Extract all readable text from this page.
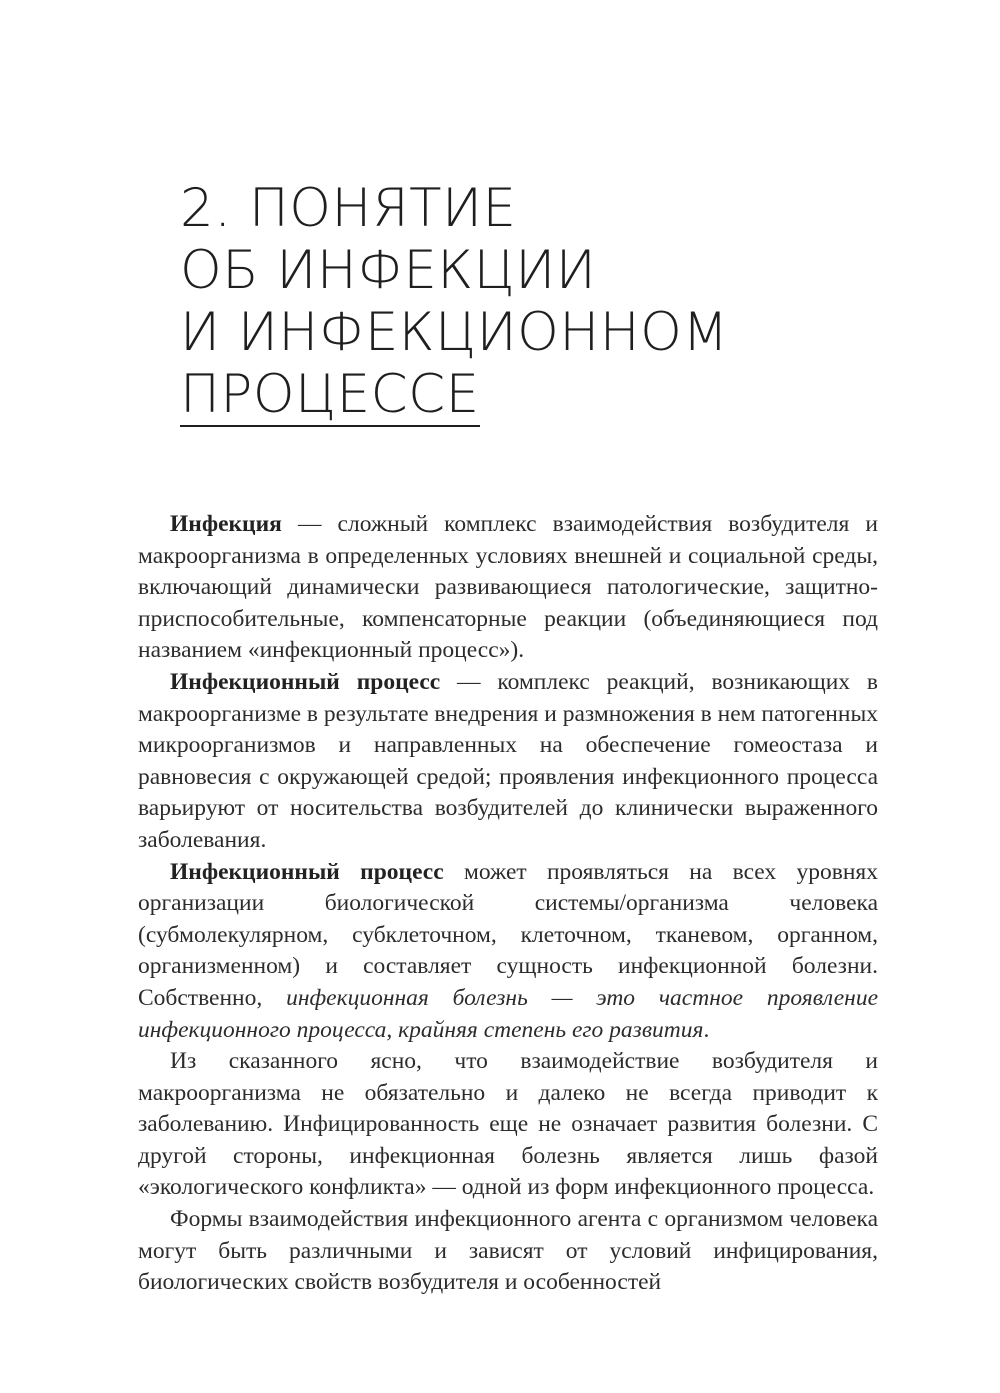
2. ПОНЯТИЕ
ОБ ИНФЕКЦИИ
И ИНФЕКЦИОННОМ
ПРОЦЕССЕ

Инфекция — сложный комплекс взаимодействия возбудителя и макроорганизма в определенных условиях внешней и социальной среды, включающий динамически развивающиеся патологические, защитно-приспособительные, компенсаторные реакции (объединяющиеся под названием «инфекционный процесс»).

Инфекционный процесс — комплекс реакций, возникающих в макроорганизме в результате внедрения и размножения в нем патогенных микроорганизмов и направленных на обеспечение гомеостаза и равновесия с окружающей средой; проявления инфекционного процесса варьируют от носительства возбудителей до клинически выраженного заболевания.

Инфекционный процесс может проявляться на всех уровнях организации биологической системы/организма человека (субмолекулярном, субклеточном, клеточном, тканевом, органном, организменном) и составляет сущность инфекционной болезни. Собственно, инфекционная болезнь — это частное проявление инфекционного процесса, крайняя степень его развития.

Из сказанного ясно, что взаимодействие возбудителя и макроорганизма не обязательно и далеко не всегда приводит к заболеванию. Инфицированность еще не означает развития болезни. С другой стороны, инфекционная болезнь является лишь фазой «экологического конфликта» — одной из форм инфекционного процесса.

Формы взаимодействия инфекционного агента с организмом человека могут быть различными и зависят от условий инфицирования, биологических свойств возбудителя и особенностей
